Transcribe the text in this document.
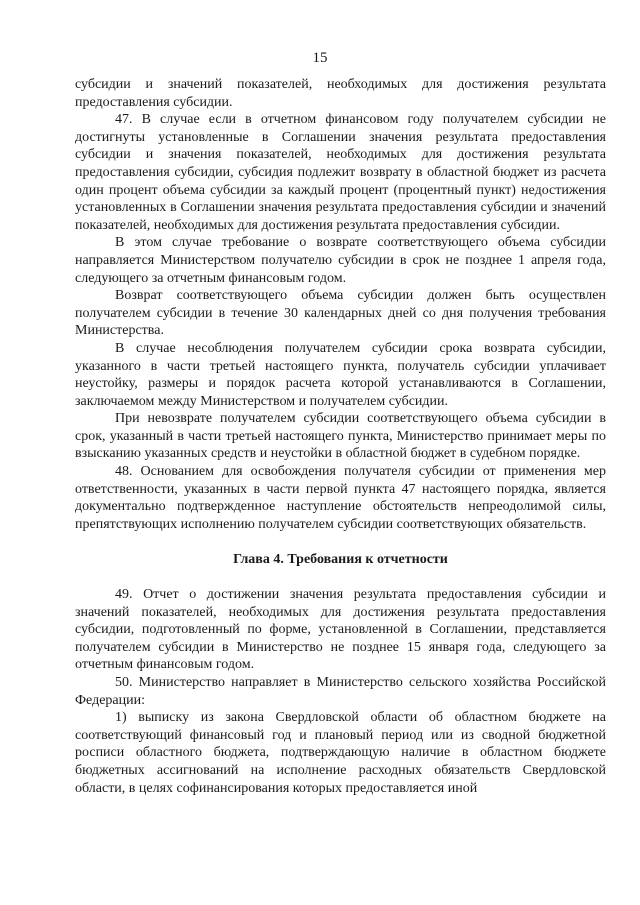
15

субсидии и значений показателей, необходимых для достижения результата предоставления субсидии.

47. В случае если в отчетном финансовом году получателем субсидии не достигнуты установленные в Соглашении значения результата предоставления субсидии и значения показателей, необходимых для достижения результата предоставления субсидии, субсидия подлежит возврату в областной бюджет из расчета один процент объема субсидии за каждый процент (процентный пункт) недостижения установленных в Соглашении значения результата предоставления субсидии и значений показателей, необходимых для достижения результата предоставления субсидии.

В этом случае требование о возврате соответствующего объема субсидии направляется Министерством получателю субсидии в срок не позднее 1 апреля года, следующего за отчетным финансовым годом.

Возврат соответствующего объема субсидии должен быть осуществлен получателем субсидии в течение 30 календарных дней со дня получения требования Министерства.

В случае несоблюдения получателем субсидии срока возврата субсидии, указанного в части третьей настоящего пункта, получатель субсидии уплачивает неустойку, размеры и порядок расчета которой устанавливаются в Соглашении, заключаемом между Министерством и получателем субсидии.

При невозврате получателем субсидии соответствующего объема субсидии в срок, указанный в части третьей настоящего пункта, Министерство принимает меры по взысканию указанных средств и неустойки в областной бюджет в судебном порядке.

48. Основанием для освобождения получателя субсидии от применения мер ответственности, указанных в части первой пункта 47 настоящего порядка, является документально подтвержденное наступление обстоятельств непреодолимой силы, препятствующих исполнению получателем субсидии соответствующих обязательств.

Глава 4. Требования к отчетности

49. Отчет о достижении значения результата предоставления субсидии и значений показателей, необходимых для достижения результата предоставления субсидии, подготовленный по форме, установленной в Соглашении, представляется получателем субсидии в Министерство не позднее 15 января года, следующего за отчетным финансовым годом.

50. Министерство направляет в Министерство сельского хозяйства Российской Федерации:

1) выписку из закона Свердловской области об областном бюджете на соответствующий финансовый год и плановый период или из сводной бюджетной росписи областного бюджета, подтверждающую наличие в областном бюджете бюджетных ассигнований на исполнение расходных обязательств Свердловской области, в целях софинансирования которых предоставляется иной
